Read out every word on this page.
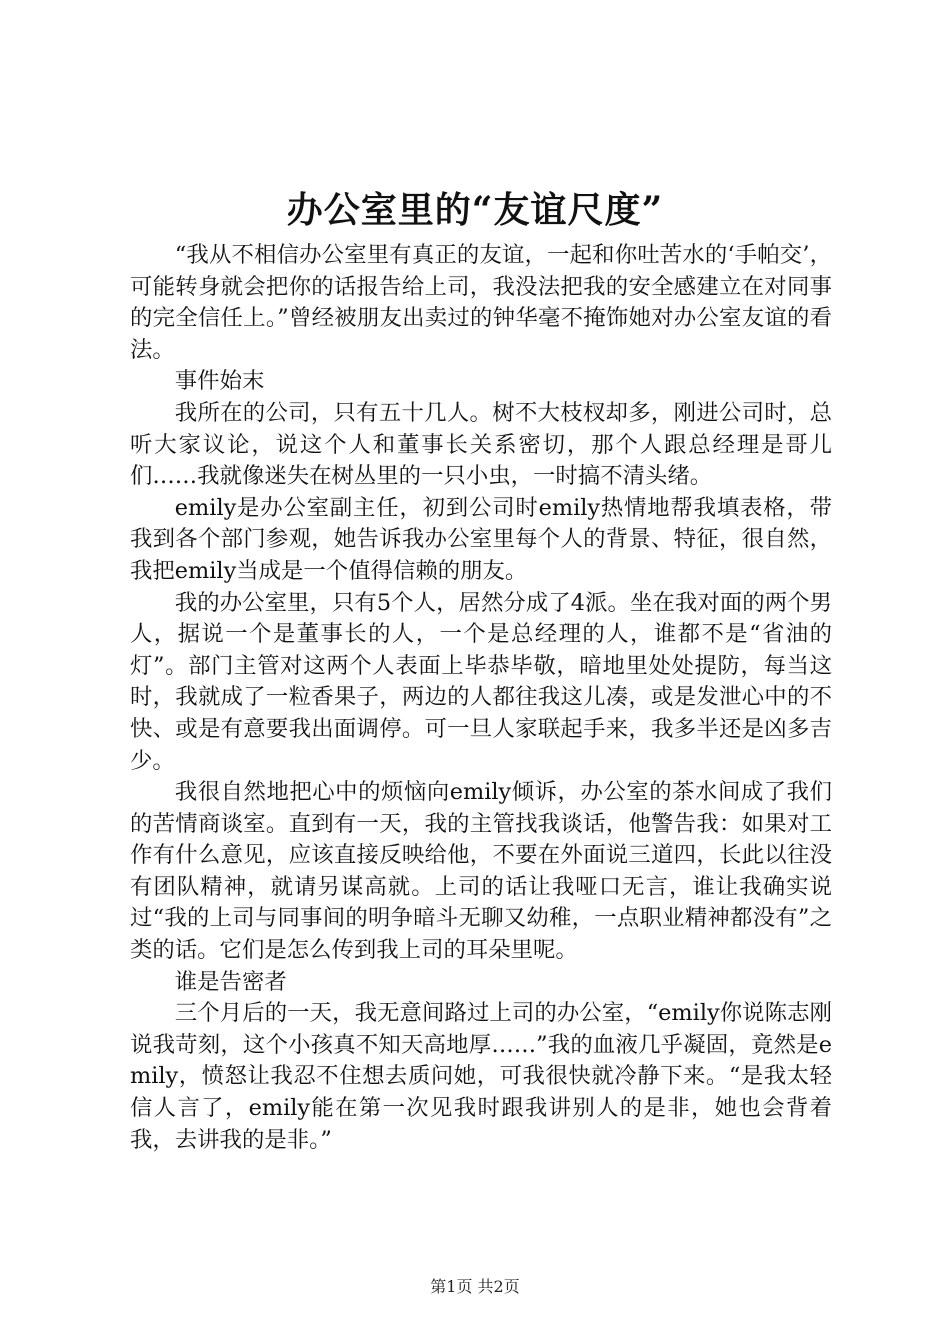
办公室里的“友谊尺度”

“我从不相信办公室里有真正的友谊，一起和你吐苦水的‘手帕交’，可能转身就会把你的话报告给上司，我没法把我的安全感建立在对同事的完全信任上。”曾经被朋友出卖过的钟华毫不掩饰她对办公室友谊的看法。

事件始末

我所在的公司，只有五十几人。树不大枝杈却多，刚进公司时，总听大家议论，说这个人和董事长关系密切，那个人跟总经理是哥儿们……我就像迷失在树丛里的一只小虫，一时搞不清头绪。

emily是办公室副主任，初到公司时emily热情地帮我填表格，带我到各个部门参观，她告诉我办公室里每个人的背景、特征，很自然，我把emily当成是一个值得信赖的朋友。

我的办公室里，只有5个人，居然分成了4派。坐在我对面的两个男人，据说一个是董事长的人，一个是总经理的人，谁都不是“省油的灯”。部门主管对这两个人表面上毕恭毕敬，暗地里处处提防，每当这时，我就成了一粒香果子，两边的人都往我这儿凑，或是发泄心中的不快、或是有意要我出面调停。可一旦人家联起手来，我多半还是凶多吉少。

我很自然地把心中的烦恼向emily倾诉，办公室的茶水间成了我们的苦情商谈室。直到有一天，我的主管找我谈话，他警告我：如果对工作有什么意见，应该直接反映给他，不要在外面说三道四，长此以往没有团队精神，就请另谋高就。上司的话让我哑口无言，谁让我确实说过“我的上司与同事间的明争暗斗无聊又幼稚，一点职业精神都没有”之类的话。它们是怎么传到我上司的耳朵里呢。

谁是告密者

三个月后的一天，我无意间路过上司的办公室，“emily你说陈志刚说我苛刻，这个小孩真不知天高地厚……”我的血液几乎凝固，竟然是emily，愤怒让我忍不住想去质问她，可我很快就冷静下来。“是我太轻信人言了，emily能在第一次见我时跟我讲别人的是非，她也会背着我，去讲我的是非。”

第1页 共2页
